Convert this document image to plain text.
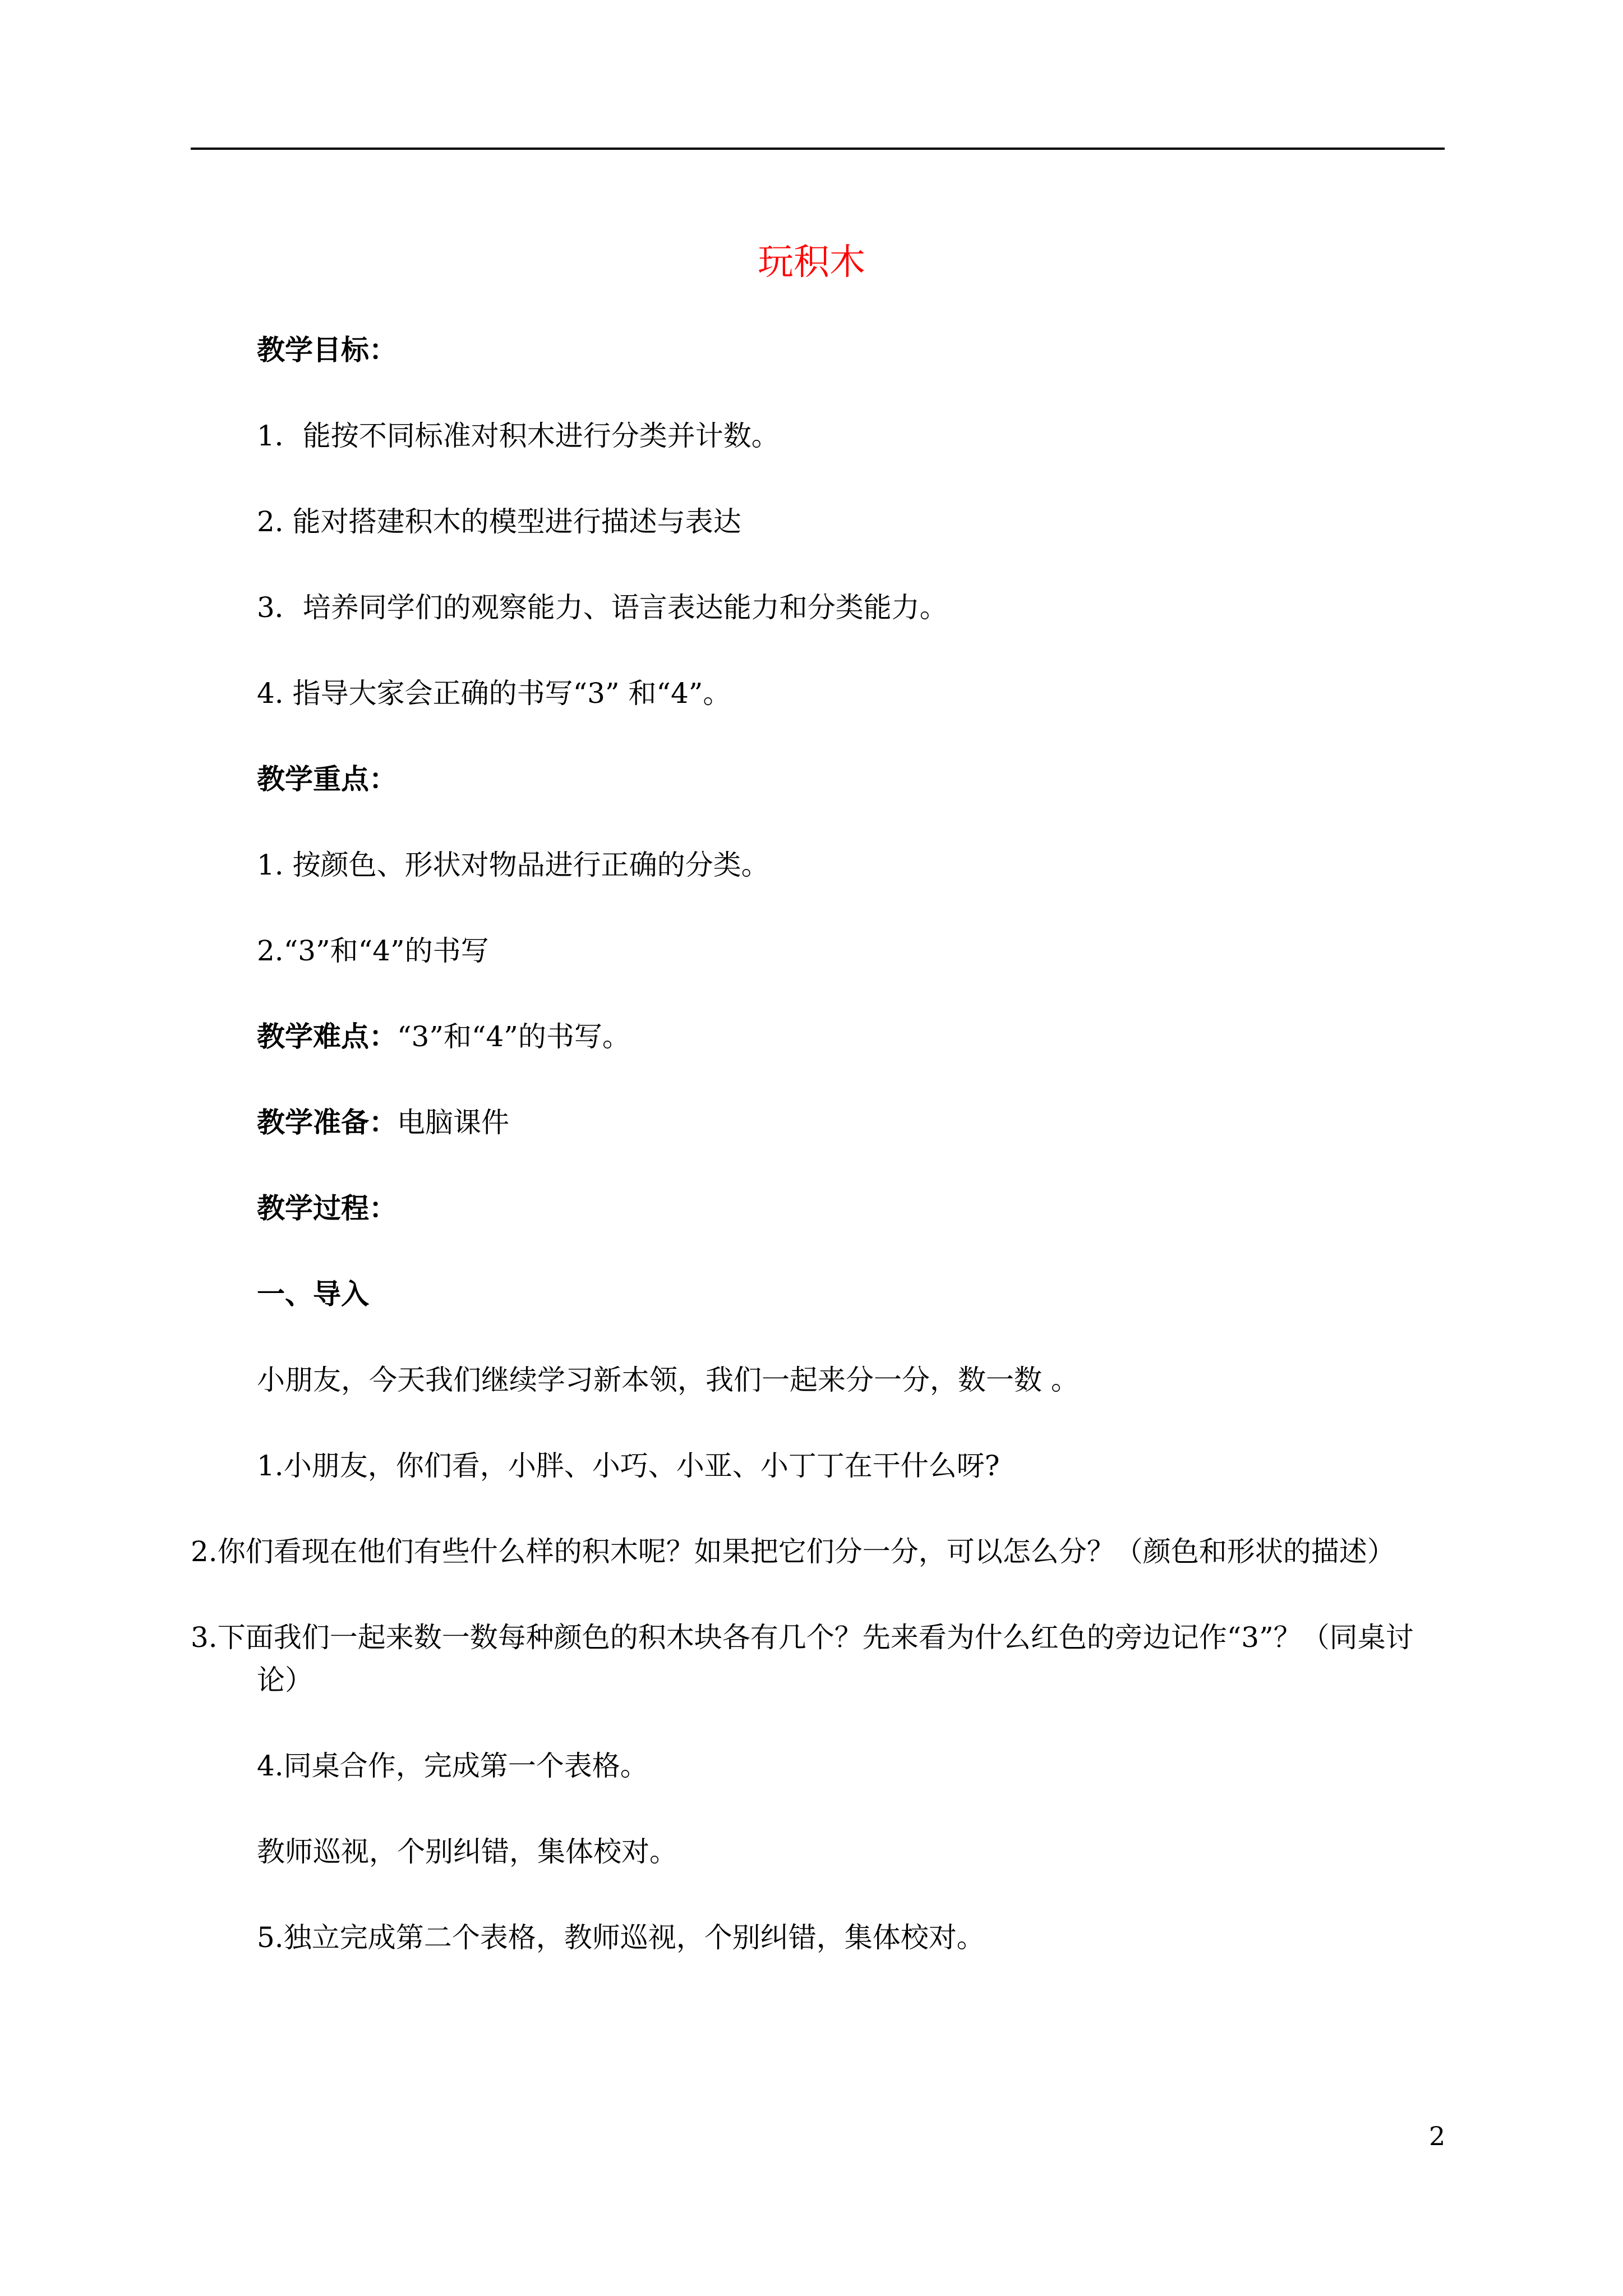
玩积木

教学目标：

1．能按不同标准对积木进行分类并计数。

2. 能对搭建积木的模型进行描述与表达

3．培养同学们的观察能力、语言表达能力和分类能力。

4. 指导大家会正确的书写“3” 和“4”。

教学重点：

1. 按颜色、形状对物品进行正确的分类。

2.“3”和“4”的书写

教学难点：“3”和“4”的书写。

教学准备：电脑课件

教学过程：

一、导入

小朋友，今天我们继续学习新本领，我们一起来分一分，数一数 。

1.小朋友，你们看，小胖、小巧、小亚、小丁丁在干什么呀?

2.你们看现在他们有些什么样的积木呢？如果把它们分一分，可以怎么分？（颜色和形状的描述）

3.下面我们一起来数一数每种颜色的积木块各有几个？先来看为什么红色的旁边记作“3”？（同桌讨论）

4.同桌合作，完成第一个表格。

教师巡视，个别纠错，集体校对。

5.独立完成第二个表格，教师巡视，个别纠错，集体校对。

2
